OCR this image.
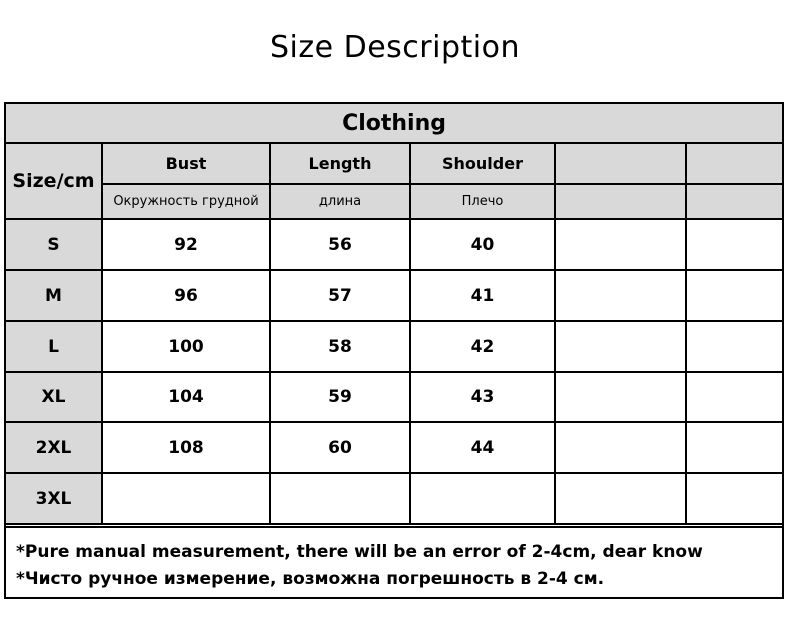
Size Description
Clothing					
Size/cm	Bust	Length	Shoulder		
	Окружность грудной	длина	Плечо		
S	92	56	40		
M	96	57	41		
L	100	58	42		
XL	104	59	43		
2XL	108	60	44		
3XL					
*Pure manual measurement, there will be an error of 2-4cm, dear know
*Чисто ручное измерение, возможна погрешность в 2-4 см.
